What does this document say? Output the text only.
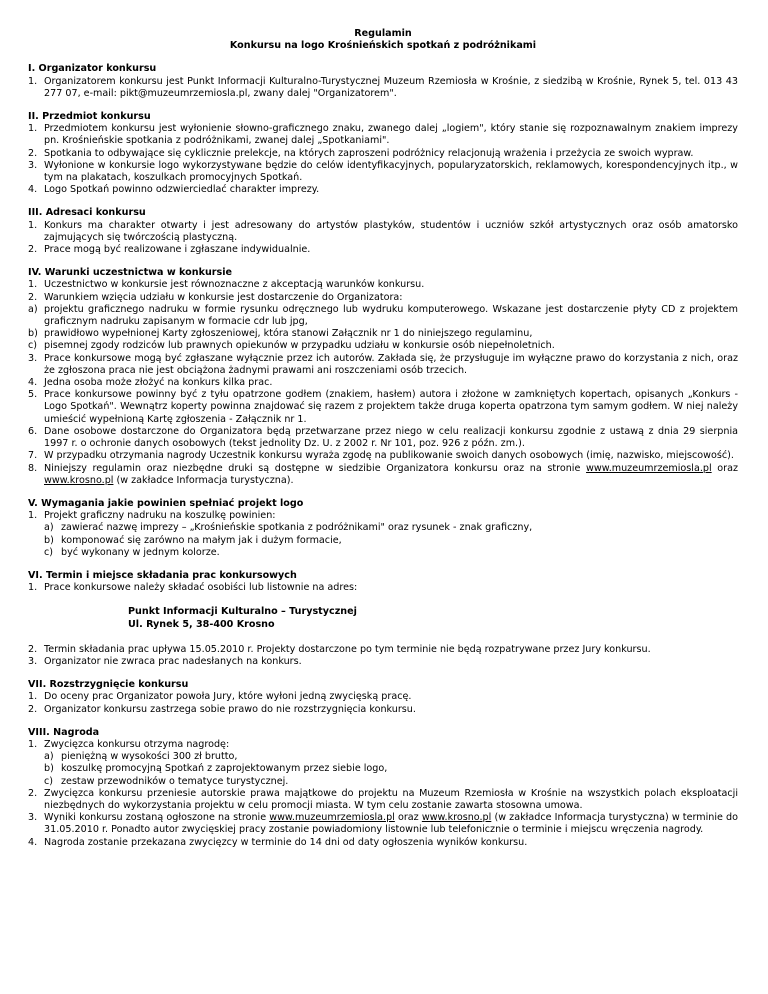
Regulamin
Konkursu na logo Krośnieńskich spotkań z podróżnikami
I. Organizator konkursu
1. Organizatorem konkursu jest Punkt Informacji Kulturalno-Turystycznej Muzeum Rzemiosła w Krośnie, z siedzibą w Krośnie, Rynek 5, tel. 013 43 277 07, e-mail: pikt@muzeumrzemiosla.pl, zwany dalej "Organizatorem".
II. Przedmiot konkursu
1. Przedmiotem konkursu jest wyłonienie słowno-graficznego znaku, zwanego dalej „logiem", który stanie się rozpoznawalnym znakiem imprezy pn. Krośnieńskie spotkania z podróżnikami, zwanej dalej „Spotkaniami".
2. Spotkania to odbywające się cyklicznie prelekcje, na których zaproszeni podróżnicy relacjonują wrażenia i przeżycia ze swoich wypraw.
3. Wyłonione w konkursie logo wykorzystywane będzie do celów identyfikacyjnych, popularyzatorskich, reklamowych, korespondencyjnych itp., w tym na plakatach, koszulkach promocyjnych Spotkań.
4. Logo Spotkań powinno odzwierciedlać charakter imprezy.
III. Adresaci konkursu
1. Konkurs ma charakter otwarty i jest adresowany do artystów plastyków, studentów i uczniów szkół artystycznych oraz osób amatorsko zajmujących się twórczością plastyczną.
2. Prace mogą być realizowane i zgłaszane indywidualnie.
IV. Warunki uczestnictwa w konkursie
1. Uczestnictwo w konkursie jest równoznaczne z akceptacją warunków konkursu.
2. Warunkiem wzięcia udziału w konkursie jest dostarczenie do Organizatora:
a) projektu graficznego nadruku w formie rysunku odręcznego lub wydruku komputerowego. Wskazane jest dostarczenie płyty CD z projektem graficznym nadruku zapisanym w formacie cdr lub jpg,
b) prawidłowo wypełnionej Karty zgłoszeniowej, która stanowi Załącznik nr 1 do niniejszego regulaminu,
c) pisemnej zgody rodziców lub prawnych opiekunów w przypadku udziału w konkursie osób niepełnoletnich.
3. Prace konkursowe mogą być zgłaszane wyłącznie przez ich autorów. Zakłada się, że przysługuje im wyłączne prawo do korzystania z nich, oraz że zgłoszona praca nie jest obciążona żadnymi prawami ani roszczeniami osób trzecich.
4. Jedna osoba może złożyć na konkurs kilka prac.
5. Prace konkursowe powinny być z tyłu opatrzone godłem (znakiem, hasłem) autora i złożone w zamkniętych kopertach, opisanych „Konkurs - Logo Spotkań". Wewnątrz koperty powinna znajdować się razem z projektem także druga koperta opatrzona tym samym godłem. W niej należy umieścić wypełnioną Kartę zgłoszenia - Załącznik nr 1.
6. Dane osobowe dostarczone do Organizatora będą przetwarzane przez niego w celu realizacji konkursu zgodnie z ustawą z dnia 29 sierpnia 1997 r. o ochronie danych osobowych (tekst jednolity Dz. U. z 2002 r. Nr 101, poz. 926 z późn. zm.).
7. W przypadku otrzymania nagrody Uczestnik konkursu wyraża zgodę na publikowanie swoich danych osobowych (imię, nazwisko, miejscowość).
8. Niniejszy regulamin oraz niezbędne druki są dostępne w siedzibie Organizatora konkursu oraz na stronie www.muzeumrzemiosla.pl oraz www.krosno.pl (w zakładce Informacja turystyczna).
V. Wymagania jakie powinien spełniać projekt logo
1. Projekt graficzny nadruku na koszulkę powinien:
a) zawierać nazwę imprezy – „Krośnieńskie spotkania z podróżnikami" oraz rysunek - znak graficzny,
b) komponować się zarówno na małym jak i dużym formacie,
c) być wykonany w jednym kolorze.
VI. Termin i miejsce składania prac konkursowych
1. Prace konkursowe należy składać osobiści lub listownie na adres:
Punkt Informacji Kulturalno – Turystycznej
Ul. Rynek 5, 38-400 Krosno
2. Termin składania prac upływa 15.05.2010 r. Projekty dostarczone po tym terminie nie będą rozpatrywane przez Jury konkursu.
3. Organizator nie zwraca prac nadesłanych na konkurs.
VII. Rozstrzygnięcie konkursu
1. Do oceny prac Organizator powoła Jury, które wyłoni jedną zwycięską pracę.
2. Organizator konkursu zastrzega sobie prawo do nie rozstrzygnięcia konkursu.
VIII. Nagroda
1. Zwycięzca konkursu otrzyma nagrodę:
a) pieniężną w wysokości 300 zł brutto,
b) koszulkę promocyjną Spotkań z zaprojektowanym przez siebie logo,
c) zestaw przewodników o tematyce turystycznej.
2. Zwycięzca konkursu przeniesie autorskie prawa majątkowe do projektu na Muzeum Rzemiosła w Krośnie na wszystkich polach eksploatacji niezbędnych do wykorzystania projektu w celu promocji miasta. W tym celu zostanie zawarta stosowna umowa.
3. Wyniki konkursu zostaną ogłoszone na stronie www.muzeumrzemiosla.pl oraz www.krosno.pl (w zakładce Informacja turystyczna) w terminie do 31.05.2010 r. Ponadto autor zwycięskiej pracy zostanie powiadomiony listownie lub telefonicznie o terminie i miejscu wręczenia nagrody.
4. Nagroda zostanie przekazana zwycięzcy w terminie do 14 dni od daty ogłoszenia wyników konkursu.
